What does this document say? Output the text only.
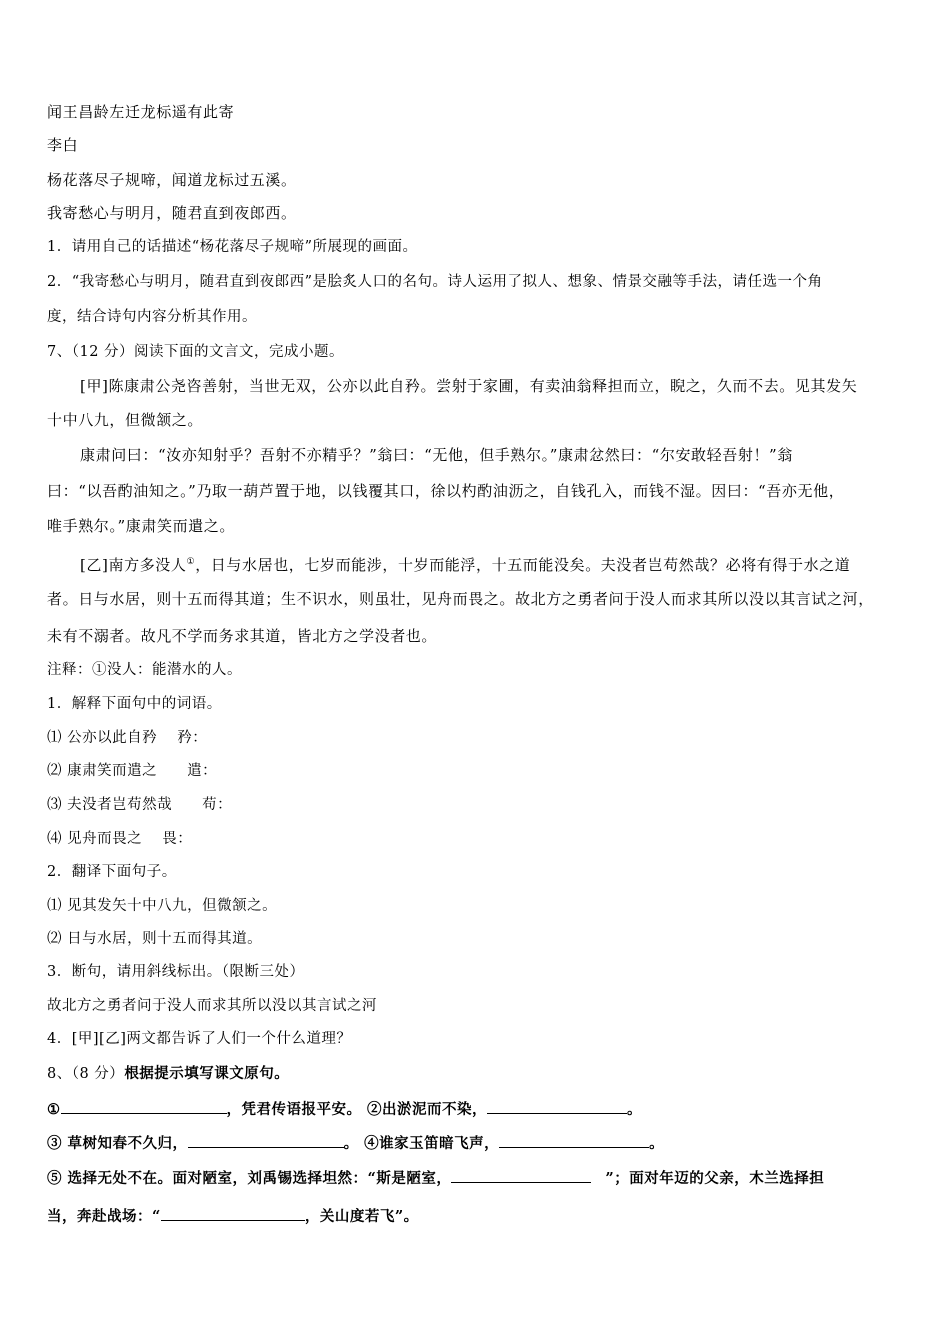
闻王昌龄左迁龙标遥有此寄
李白
杨花落尽子规啼，闻道龙标过五溪。
我寄愁心与明月，随君直到夜郎西。
1．请用自己的话描述“杨花落尽子规啼”所展现的画面。
2．“我寄愁心与明月，随君直到夜郎西”是脍炙人口的名句。诗人运用了拟人、想象、情景交融等手法，请任选一个角
度，结合诗句内容分析其作用。
7、（12 分）阅读下面的文言文，完成小题。
[甲]陈康肃公尧咨善射，当世无双，公亦以此自矜。尝射于家圃，有卖油翁释担而立，睨之，久而不去。见其发矢
十中八九，但微颔之。
康肃问曰：“汝亦知射乎？吾射不亦精乎？”翁曰：“无他，但手熟尔。”康肃忿然曰：“尔安敢轻吾射！”翁
曰：“以吾酌油知之。”乃取一葫芦置于地，以钱覆其口，徐以杓酌油沥之，自钱孔入，而钱不湿。因曰：“吾亦无他，
唯手熟尔。”康肃笑而遣之。
[乙]南方多没人①，日与水居也，七岁而能涉，十岁而能浮，十五而能没矣。夫没者岂苟然哉？必将有得于水之道
者。日与水居，则十五而得其道；生不识水，则虽壮，见舟而畏之。故北方之勇者问于没人而求其所以没以其言试之河，
未有不溺者。故凡不学而务求其道，皆北方之学没者也。
注释：①没人：能潜水的人。
1．解释下面句中的词语。
⑴ 公亦以此自矜　 矜：
⑵ 康肃笑而遣之　　遣：
⑶ 夫没者岂苟然哉　　苟：
⑷ 见舟而畏之　 畏：
2．翻译下面句子。
⑴ 见其发矢十中八九，但微颔之。
⑵ 日与水居，则十五而得其道。
3．断句，请用斜线标出。（限断三处）
故北方之勇者问于没人而求其所以没以其言试之河
4．[甲][乙]两文都告诉了人们一个什么道理？
8、（8 分）根据提示填写课文原句。
①	，凭君传语报平安。 ②出淤泥而不染，	。
③ 草树知春不久归，	。 ④谁家玉笛暗飞声，	。
⑤ 选择无处不在。面对陋室，刘禹锡选择坦然：“斯是陋室，	”；面对年迈的父亲，木兰选择担
当，奔赴战场：“	，关山度若飞”。
